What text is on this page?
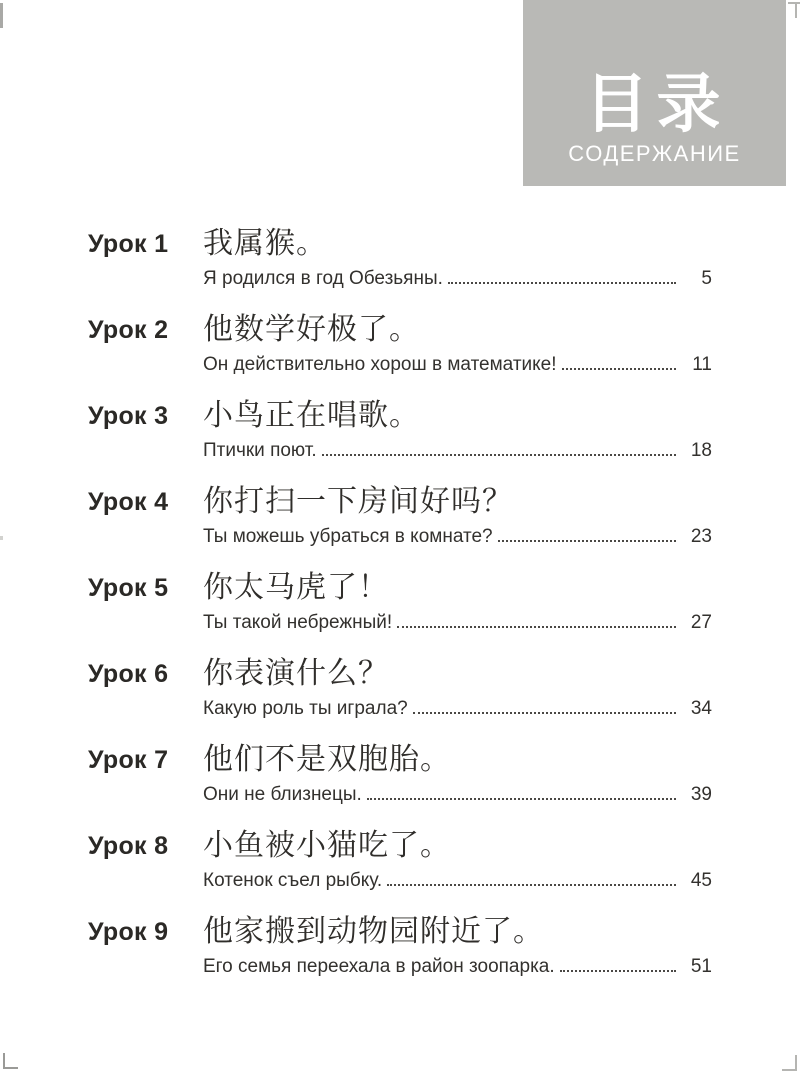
目录
СОДЕРЖАНИЕ
Урок 1	我属猴。
Я родился в год Обезьяны.	5
Урок 2	他数学好极了。
Он действительно хорош в математике!	11
Урок 3	小鸟正在唱歌。
Птички поют.	18
Урок 4	你打扫一下房间好吗？
Ты можешь убраться в комнате?	23
Урок 5	你太马虎了！
Ты такой небрежный!	27
Урок 6	你表演什么？
Какую роль ты играла?	34
Урок 7	他们不是双胞胎。
Они не близнецы.	39
Урок 8	小鱼被小猫吃了。
Котенок съел рыбку.	45
Урок 9	他家搬到动物园附近了。
Его семья переехала в район зоопарка.	51
